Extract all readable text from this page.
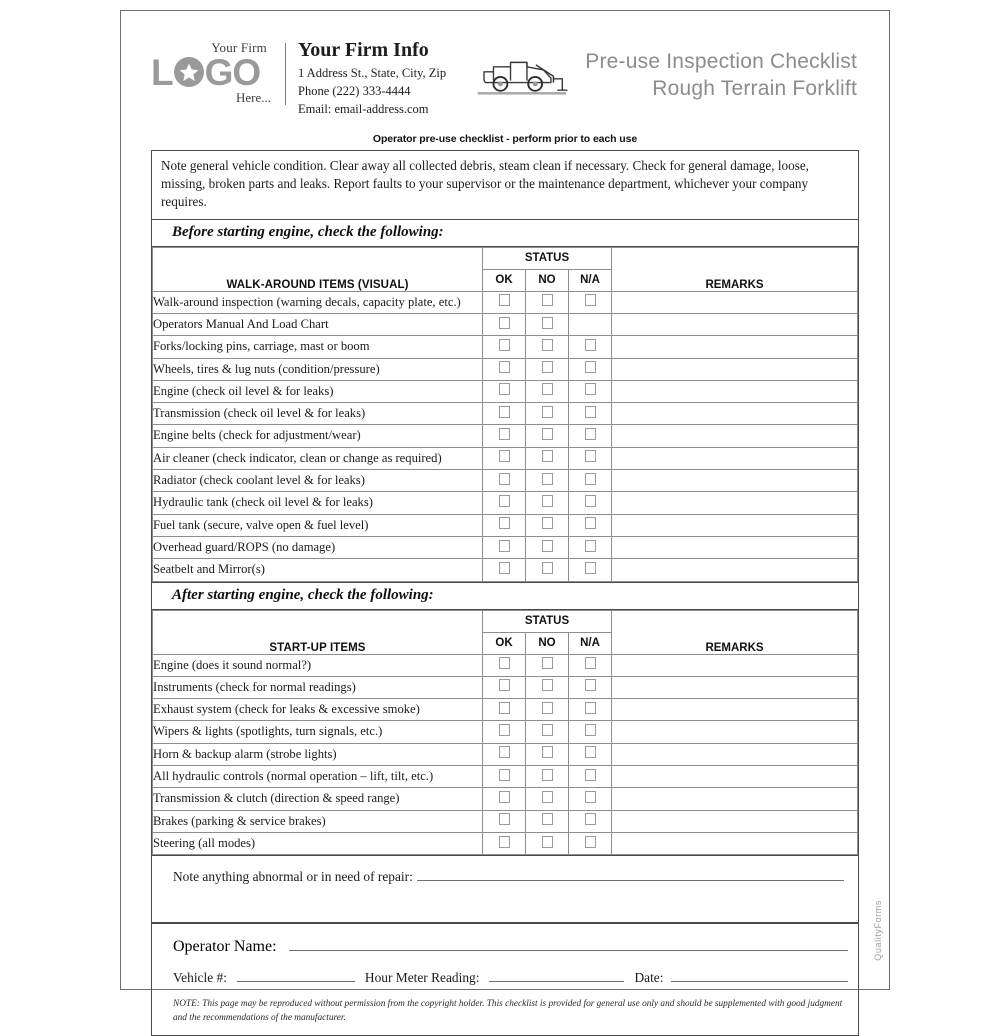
Your Firm
L GO
Here...
Your Firm Info
1 Address St., State, City, Zip
Phone (222) 333-4444
Email: email-address.com
Pre-use Inspection Checklist
Rough Terrain Forklift
Operator pre-use checklist - perform prior to each use
Note general vehicle condition. Clear away all collected debris, steam clean if necessary. Check for general damage, loose, missing, broken parts and leaks. Report faults to your supervisor or the maintenance department, whichever your company requires.
Before starting engine, check the following:
WALK-AROUND ITEMS (VISUAL)	STATUS			REMARKS
	OK	NO	N/A	
Walk-around inspection (warning decals, capacity plate, etc.)				
Operators Manual And Load Chart				
Forks/locking pins, carriage, mast or boom				
Wheels, tires & lug nuts (condition/pressure)				
Engine (check oil level & for leaks)				
Transmission (check oil level & for leaks)				
Engine belts (check for adjustment/wear)				
Air cleaner (check indicator, clean or change as required)				
Radiator (check coolant level & for leaks)				
Hydraulic tank (check oil level & for leaks)				
Fuel tank (secure, valve open & fuel level)				
Overhead guard/ROPS (no damage)				
Seatbelt and Mirror(s)				
After starting engine, check the following:
START-UP ITEMS	STATUS			REMARKS
	OK	NO	N/A	
Engine (does it sound normal?)				
Instruments (check for normal readings)				
Exhaust system (check for leaks & excessive smoke)				
Wipers & lights (spotlights, turn signals, etc.)				
Horn & backup alarm (strobe lights)				
All hydraulic controls (normal operation – lift, tilt, etc.)				
Transmission & clutch (direction & speed range)				
Brakes (parking & service brakes)				
Steering (all modes)				
Note anything abnormal or in need of repair:
Operator Name:
Vehicle #:	Hour Meter Reading:	Date:
NOTE: This page may be reproduced without permission from the copyright holder. This checklist is provided for general use only and should be supplemented with good judgment and the recommendations of the manufacturer.
QualityForms
